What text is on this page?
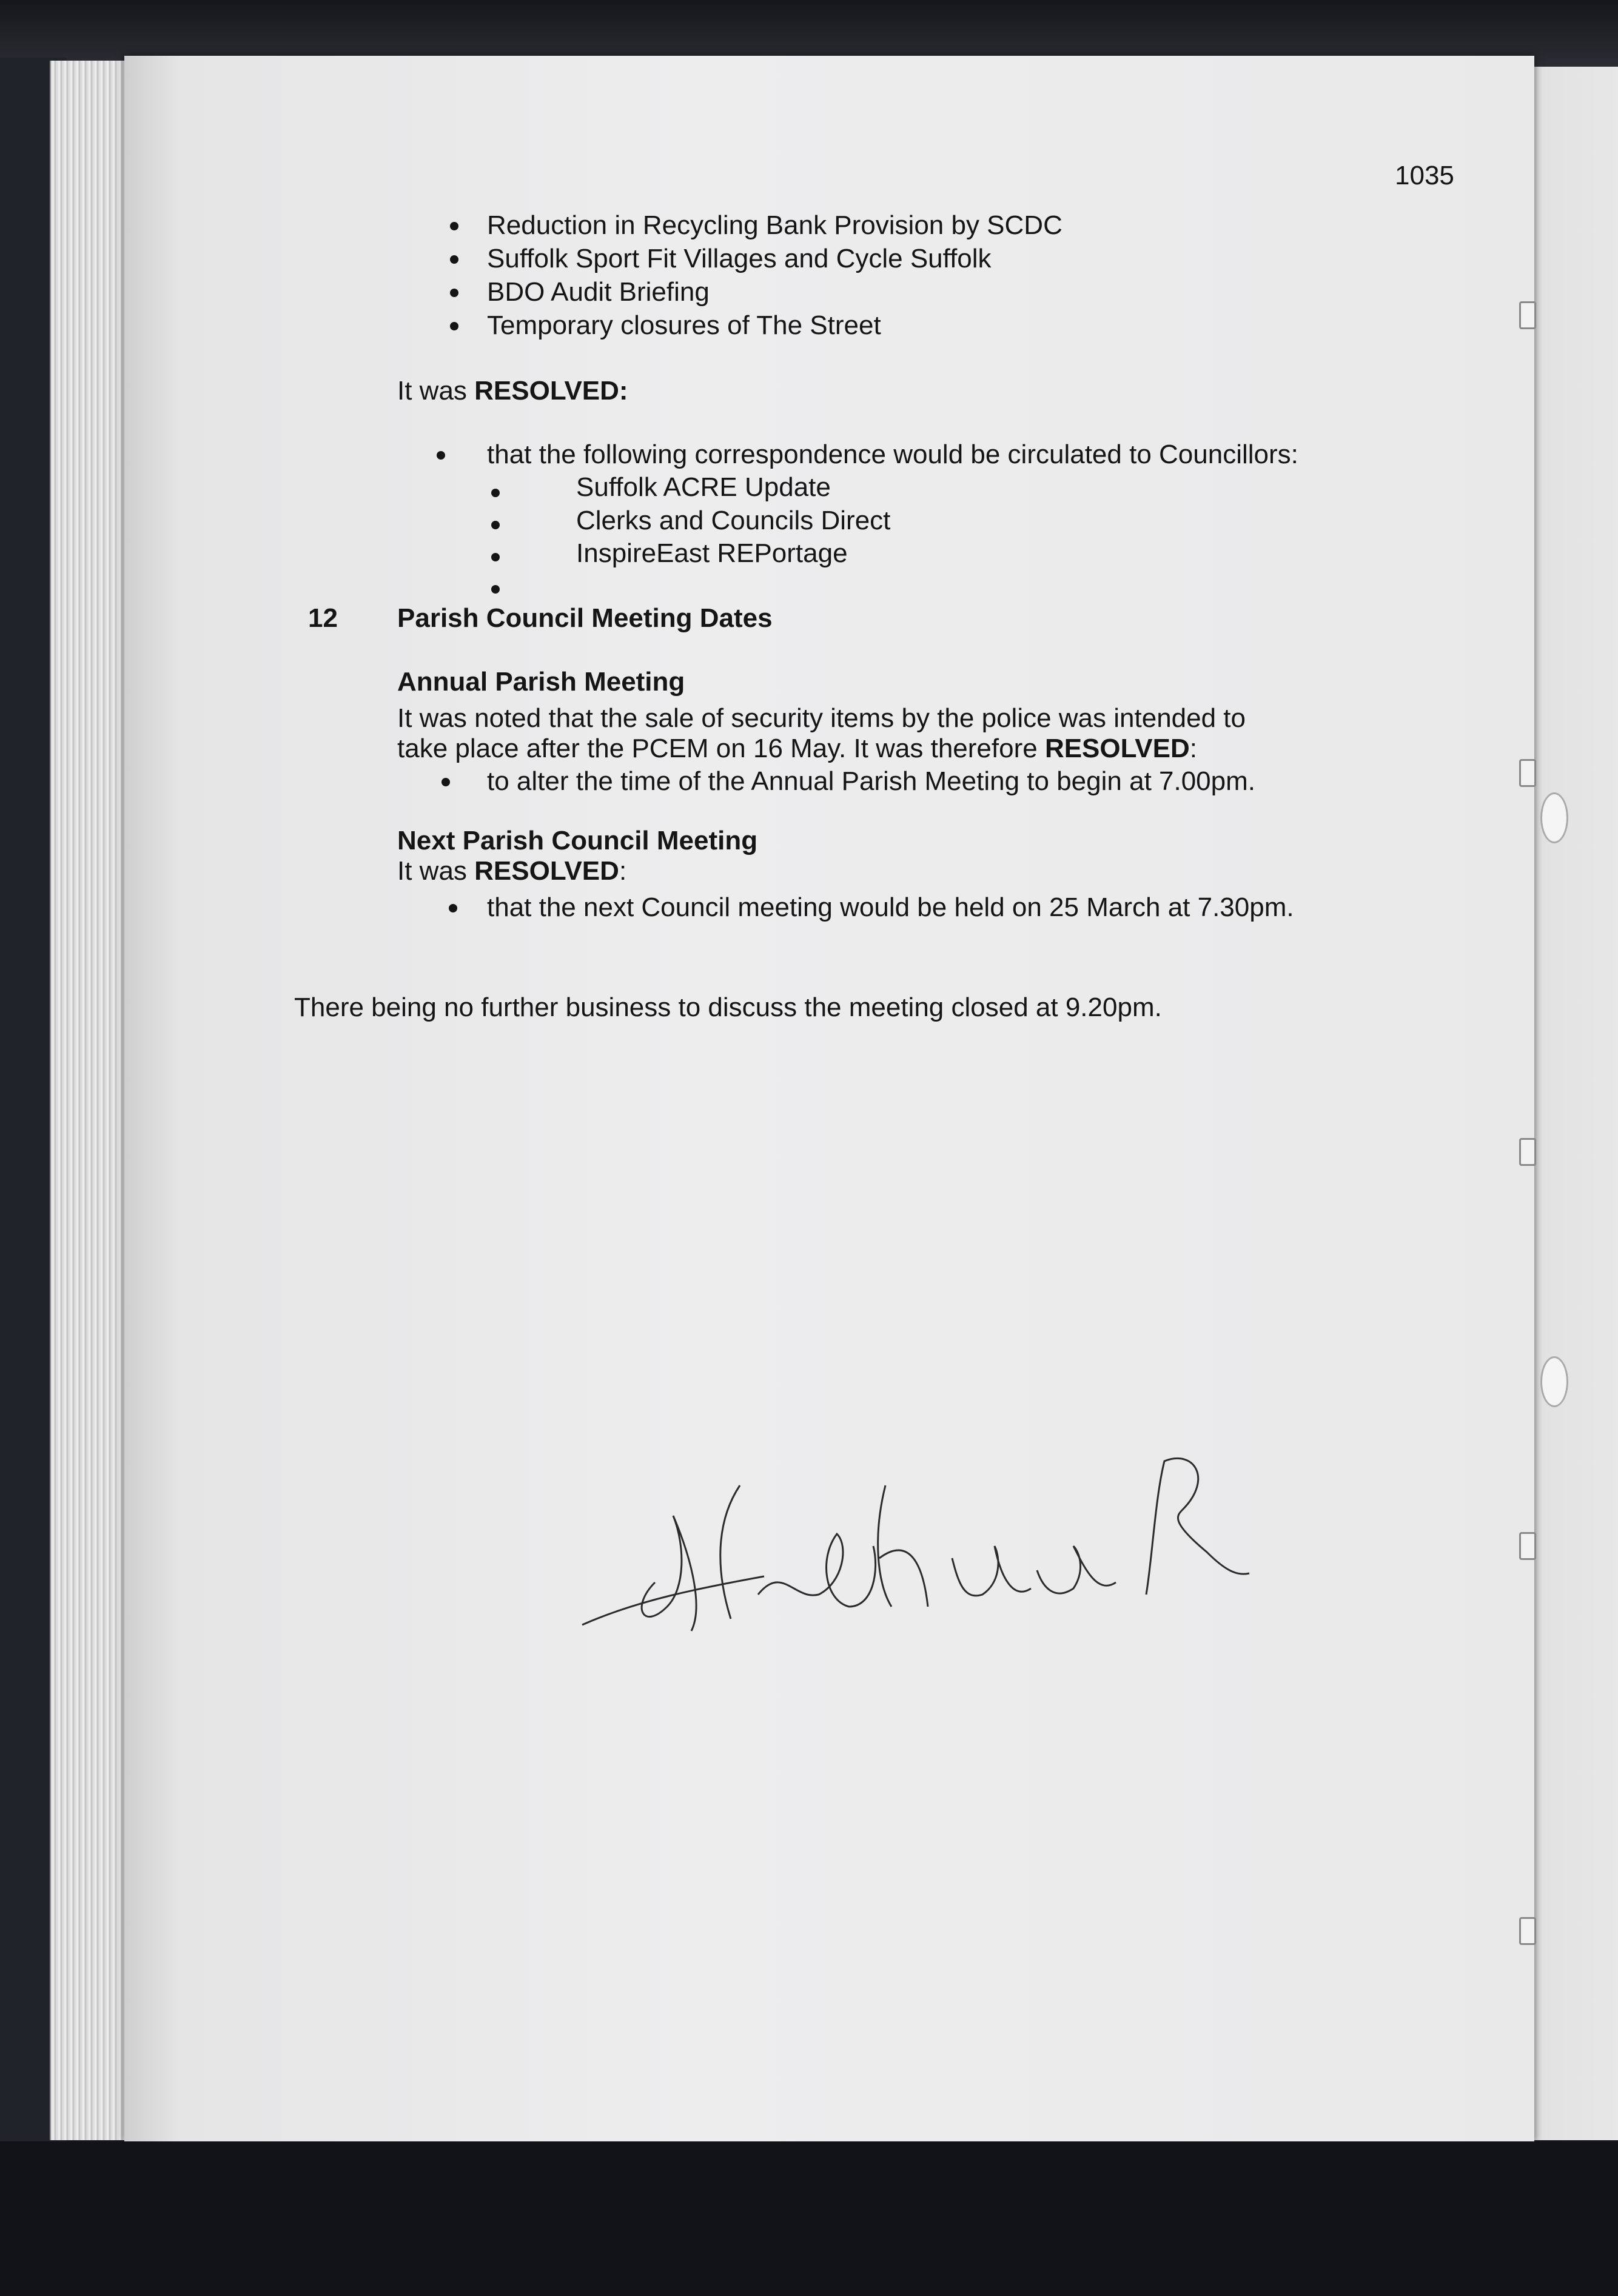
1035
Reduction in Recycling Bank Provision by SCDC
Suffolk Sport Fit Villages and Cycle Suffolk
BDO Audit Briefing
Temporary closures of The Street
It was RESOLVED:
that the following correspondence would be circulated to Councillors:
Suffolk ACRE Update
Clerks and Councils Direct
InspireEast REPortage
12 Parish Council Meeting Dates
Annual Parish Meeting
It was noted that the sale of security items by the police was intended to
take place after the PCEM on 16 May. It was therefore RESOLVED:
to alter the time of the Annual Parish Meeting to begin at 7.00pm.
Next Parish Council Meeting
It was RESOLVED:
that the next Council meeting would be held on 25 March at 7.30pm.
There being no further business to discuss the meeting closed at 9.20pm.
